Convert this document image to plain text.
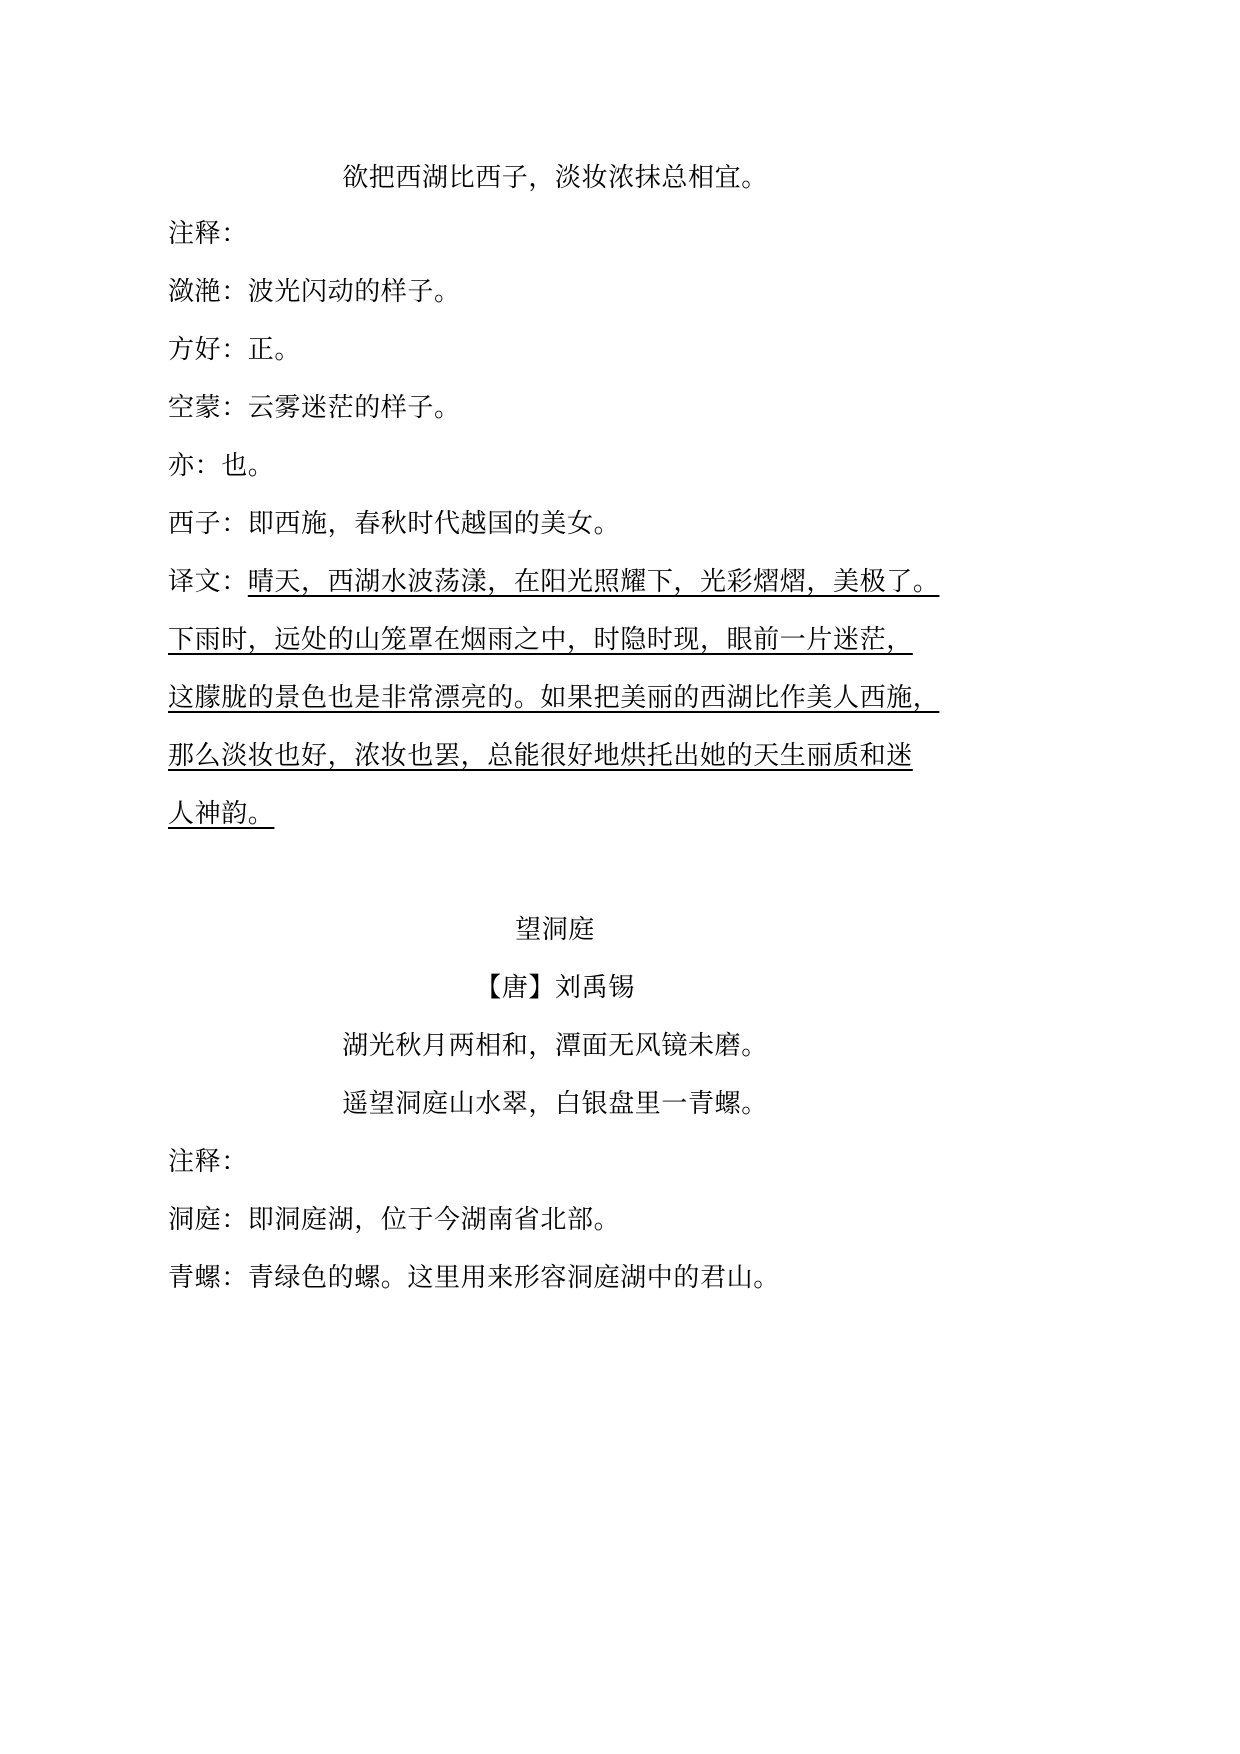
欲把西湖比西子，淡妆浓抹总相宜。
注释：
潋滟：波光闪动的样子。
方好：正。
空蒙：云雾迷茫的样子。
亦：也。
西子：即西施，春秋时代越国的美女。
译文：晴天，西湖水波荡漾，在阳光照耀下，光彩熠熠，美极了。
下雨时，远处的山笼罩在烟雨之中，时隐时现，眼前一片迷茫，
这朦胧的景色也是非常漂亮的。如果把美丽的西湖比作美人西施，
那么淡妆也好，浓妆也罢，总能很好地烘托出她的天生丽质和迷
人神韵。
望洞庭
【唐】刘禹锡
湖光秋月两相和，潭面无风镜未磨。
遥望洞庭山水翠，白银盘里一青螺。
注释：
洞庭：即洞庭湖，位于今湖南省北部。
青螺：青绿色的螺。这里用来形容洞庭湖中的君山。
